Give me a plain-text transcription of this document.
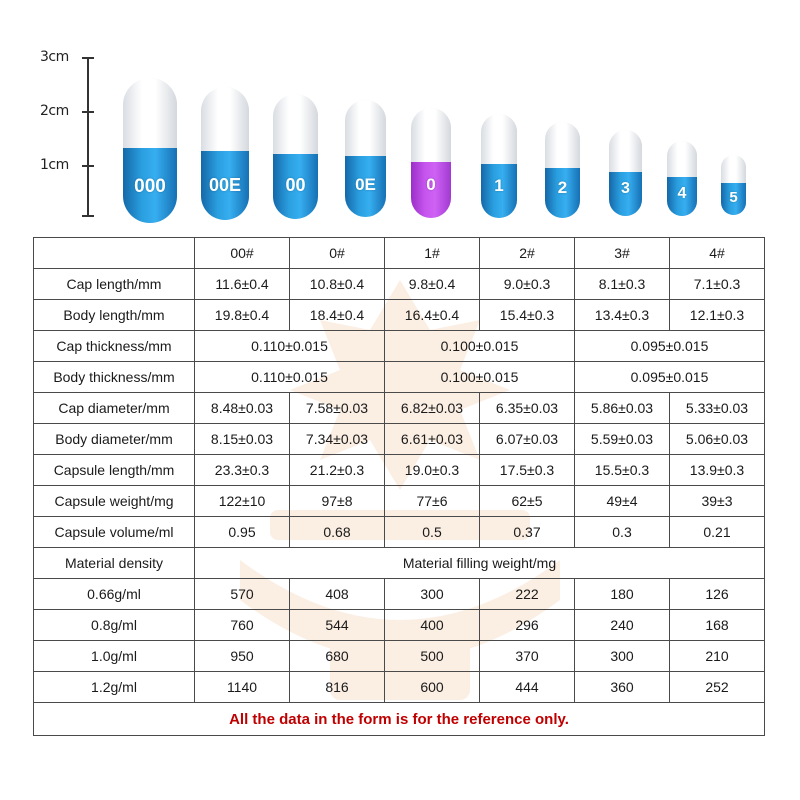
3cm
2cm
1cm
000	00E	00	0E	0	1	2	3	4	5
	00#	0#	1#	2#	3#	4#
Cap length/mm	11.6±0.4	10.8±0.4	9.8±0.4	9.0±0.3	8.1±0.3	7.1±0.3
Body length/mm	19.8±0.4	18.4±0.4	16.4±0.4	15.4±0.3	13.4±0.3	12.1±0.3
Cap thickness/mm	0.110±0.015		0.100±0.015		0.095±0.015	
Body thickness/mm	0.110±0.015		0.100±0.015		0.095±0.015	
Cap diameter/mm	8.48±0.03	7.58±0.03	6.82±0.03	6.35±0.03	5.86±0.03	5.33±0.03
Body diameter/mm	8.15±0.03	7.34±0.03	6.61±0.03	6.07±0.03	5.59±0.03	5.06±0.03
Capsule length/mm	23.3±0.3	21.2±0.3	19.0±0.3	17.5±0.3	15.5±0.3	13.9±0.3
Capsule weight/mg	122±10	97±8	77±6	62±5	49±4	39±3
Capsule volume/ml	0.95	0.68	0.5	0.37	0.3	0.21
Material density	Material filling weight/mg					
0.66g/ml	570	408	300	222	180	126
0.8g/ml	760	544	400	296	240	168
1.0g/ml	950	680	500	370	300	210
1.2g/ml	1140	816	600	444	360	252
All the data in the form is for the reference only.						
